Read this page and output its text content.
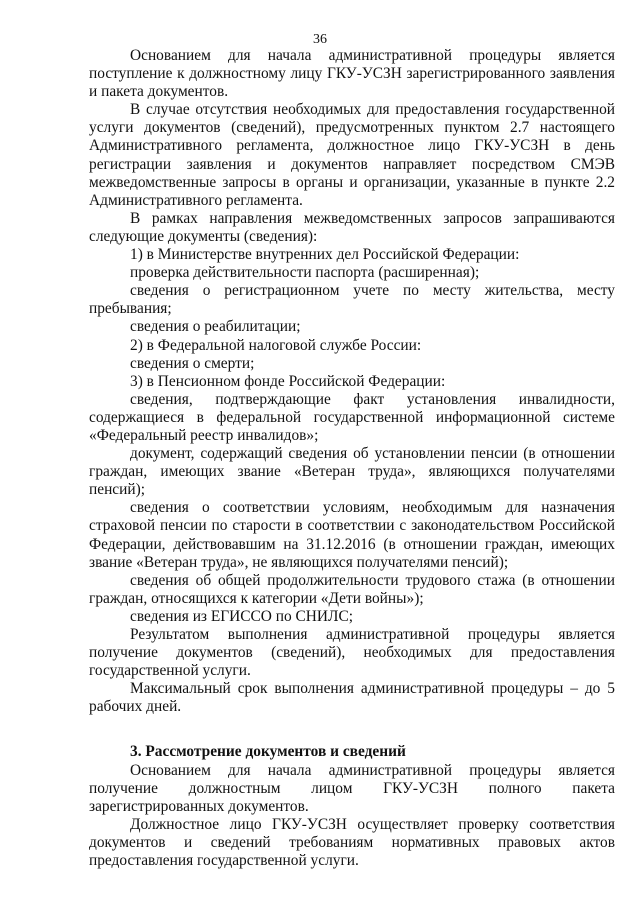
36

Основанием для начала административной процедуры является поступление к должностному лицу ГКУ-УСЗН зарегистрированного заявления и пакета документов.

В случае отсутствия необходимых для предоставления государственной услуги документов (сведений), предусмотренных пунктом 2.7 настоящего Административного регламента, должностное лицо ГКУ-УСЗН в день регистрации заявления и документов направляет посредством СМЭВ межведомственные запросы в органы и организации, указанные в пункте 2.2 Административного регламента.

В рамках направления межведомственных запросов запрашиваются следующие документы (сведения):

1) в Министерстве внутренних дел Российской Федерации:

проверка действительности паспорта (расширенная);

сведения о регистрационном учете по месту жительства, месту пребывания;

сведения о реабилитации;

2) в Федеральной налоговой службе России:

сведения о смерти;

3) в Пенсионном фонде Российской Федерации:

сведения, подтверждающие факт установления инвалидности, содержащиеся в федеральной государственной информационной системе «Федеральный реестр инвалидов»;

документ, содержащий сведения об установлении пенсии (в отношении граждан, имеющих звание «Ветеран труда», являющихся получателями пенсий);

сведения о соответствии условиям, необходимым для назначения страховой пенсии по старости в соответствии с законодательством Российской Федерации, действовавшим на 31.12.2016 (в отношении граждан, имеющих звание «Ветеран труда», не являющихся получателями пенсий);

сведения об общей продолжительности трудового стажа (в отношении граждан, относящихся к категории «Дети войны»);

сведения из ЕГИССО по СНИЛС;

Результатом выполнения административной процедуры является получение документов (сведений), необходимых для предоставления государственной услуги.

Максимальный срок выполнения административной процедуры – до 5 рабочих дней.

3. Рассмотрение документов и сведений

Основанием для начала административной процедуры является получение должностным лицом ГКУ-УСЗН полного пакета зарегистрированных документов.

Должностное лицо ГКУ-УСЗН осуществляет проверку соответствия документов и сведений требованиям нормативных правовых актов предоставления государственной услуги.
